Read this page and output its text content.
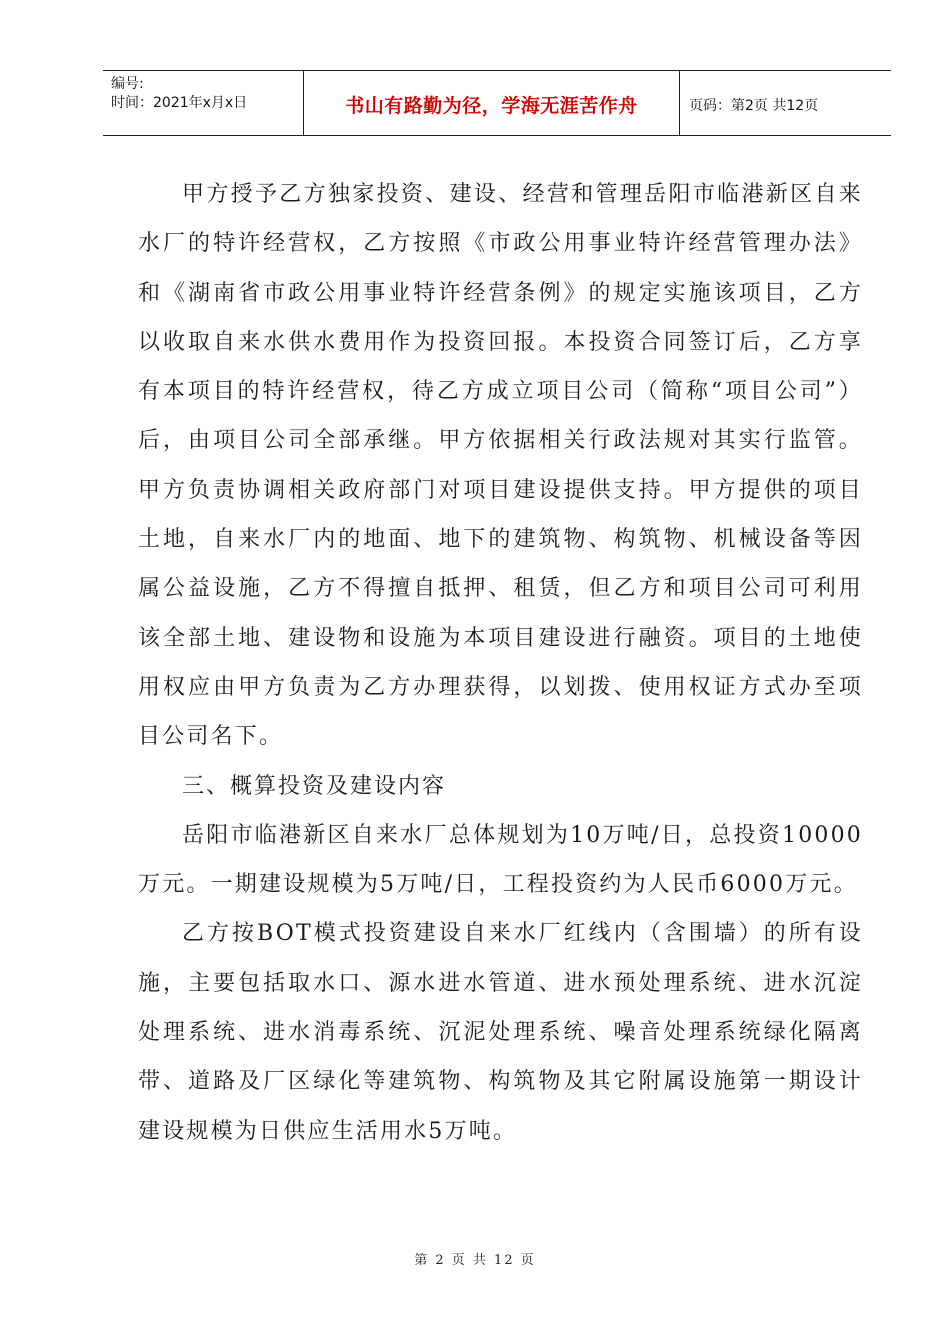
编号:
时间：2021年x月x日	书山有路勤为径，学海无涯苦作舟	页码：第2页 共12页

甲方授予乙方独家投资、建设、经营和管理岳阳市临港新区自来水厂的特许经营权，乙方按照《市政公用事业特许经营管理办法》和《湖南省市政公用事业特许经营条例》的规定实施该项目，乙方以收取自来水供水费用作为投资回报。本投资合同签订后，乙方享有本项目的特许经营权，待乙方成立项目公司（简称“项目公司”）后，由项目公司全部承继。甲方依据相关行政法规对其实行监管。甲方负责协调相关政府部门对项目建设提供支持。甲方提供的项目土地，自来水厂内的地面、地下的建筑物、构筑物、机械设备等因属公益设施，乙方不得擅自抵押、租赁，但乙方和项目公司可利用该全部土地、建设物和设施为本项目建设进行融资。项目的土地使用权应由甲方负责为乙方办理获得，以划拨、使用权证方式办至项目公司名下。

三、概算投资及建设内容

岳阳市临港新区自来水厂总体规划为10万吨/日，总投资10000万元。一期建设规模为5万吨/日，工程投资约为人民币6000万元。

乙方按BOT模式投资建设自来水厂红线内（含围墙）的所有设施，主要包括取水口、源水进水管道、进水预处理系统、进水沉淀处理系统、进水消毒系统、沉泥处理系统、噪音处理系统绿化隔离带、道路及厂区绿化等建筑物、构筑物及其它附属设施第一期设计建设规模为日供应生活用水5万吨。

第 2 页 共 12 页
